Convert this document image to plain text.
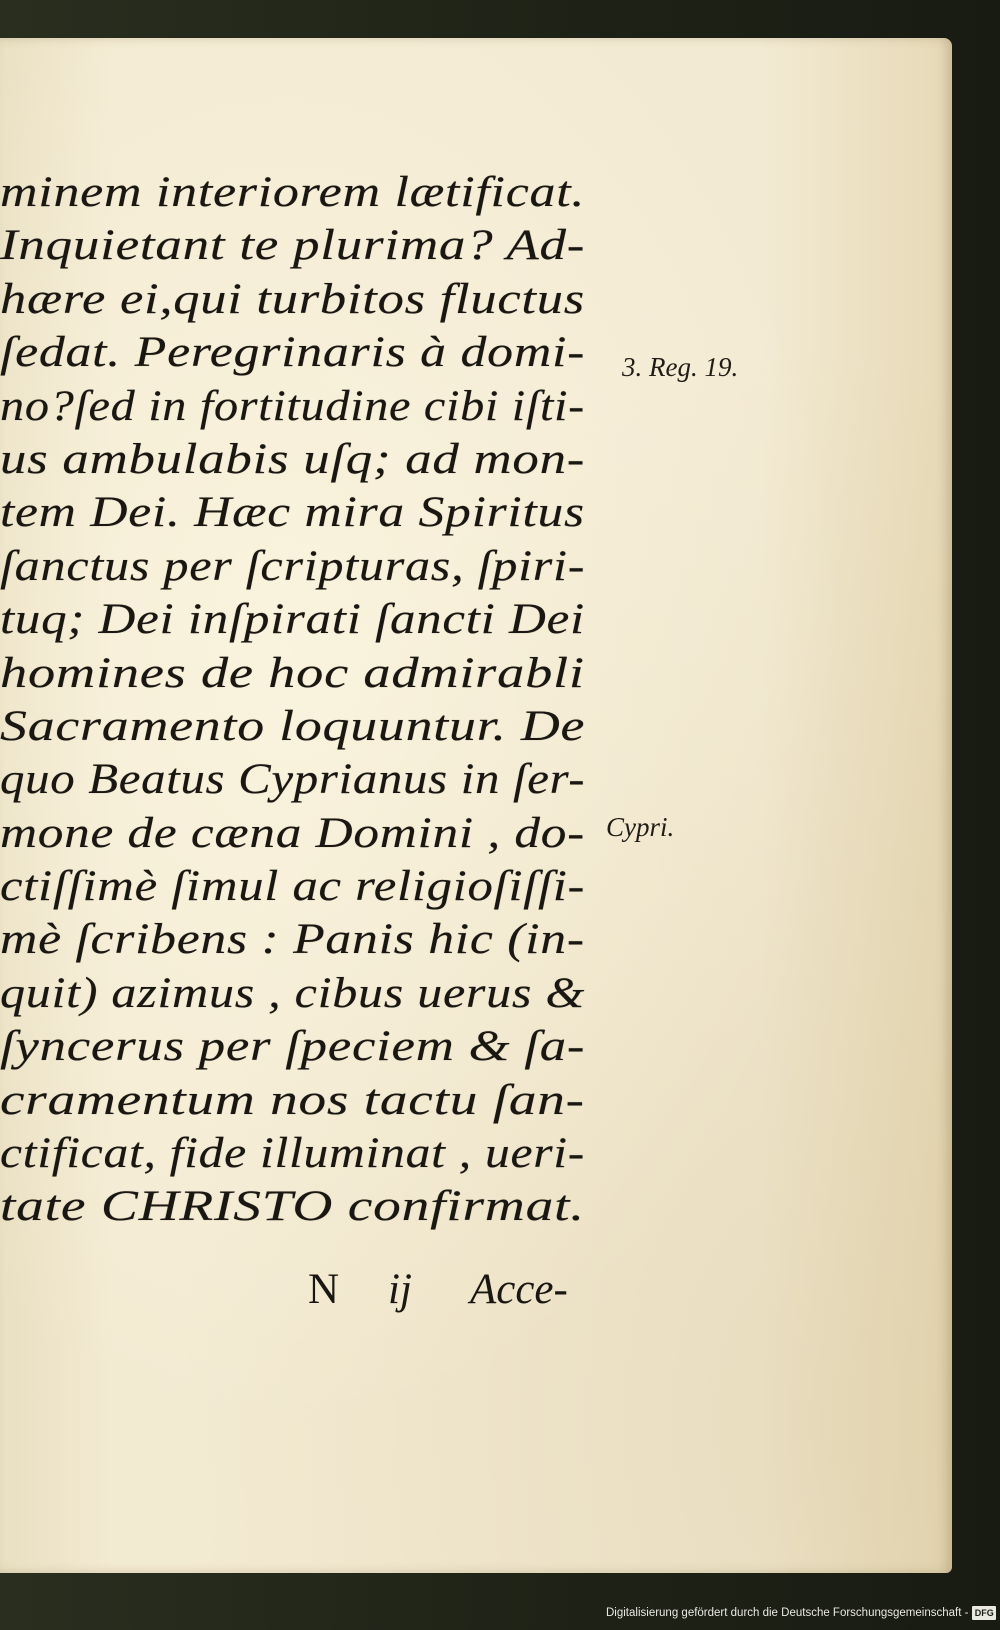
minem interiorem lætificat.
Inquietant te plurima? Ad-
hære ei,qui turbitos fluctus
ſedat. Peregrinaris à domi-
no?ſed in fortitudine cibi iſti-
us ambulabis uſq; ad mon-
tem Dei. Hæc mira Spiritus
ſanctus per ſcripturas, ſpiri-
tuq; Dei inſpirati ſancti Dei
homines de hoc admirabli
Sacramento loquuntur. De
quo Beatus Cyprianus in ſer-
mone de cæna Domini , do-
ctiſſimè ſimul ac religioſiſſi-
mè ſcribens : Panis hic (in-
quit) azimus , cibus uerus &
ſyncerus per ſpeciem & ſa-
cramentum nos tactu ſan-
ctificat, fide illuminat , ueri-
tate CHRISTO confirmat.
N ij Acce-
3. Reg. 19.
Cypri.
Digitalisierung gefördert durch die Deutsche Forschungsgemeinschaft - DFG
